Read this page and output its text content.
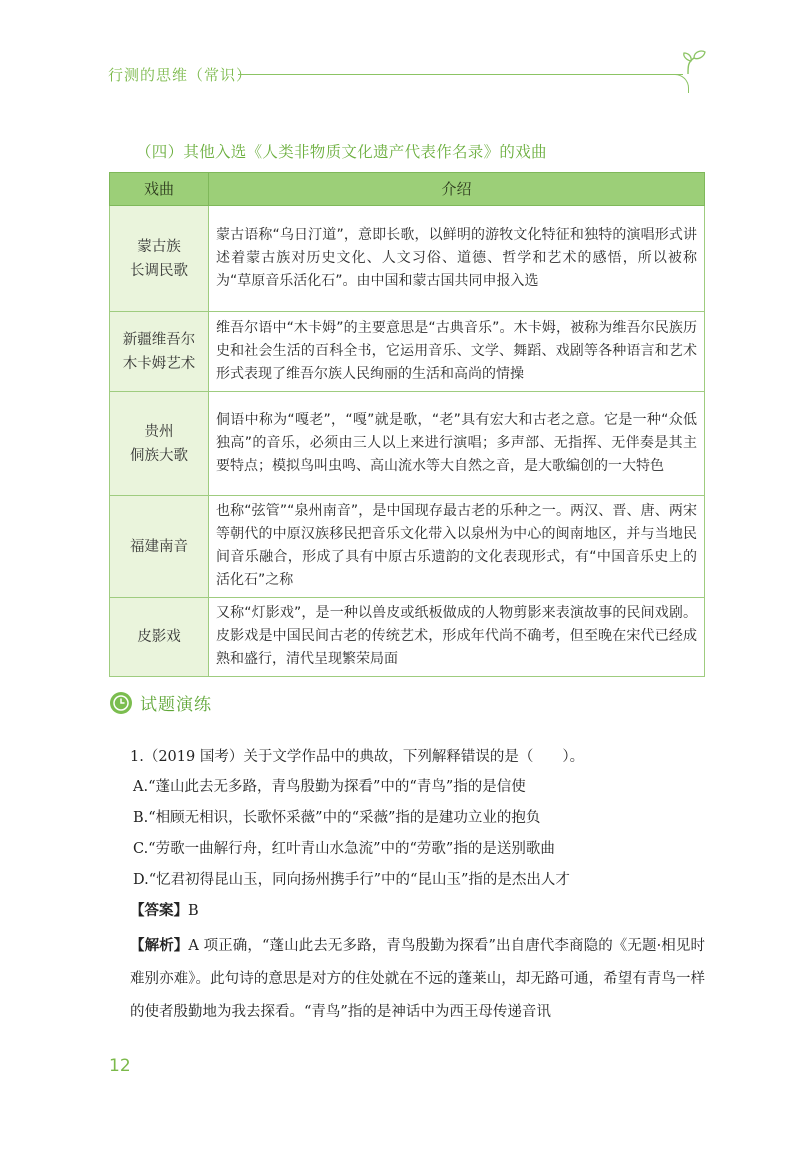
行测的思维（常识）
（四）其他入选《人类非物质文化遗产代表作名录》的戏曲
戏曲	介绍

蒙古族
长调民歌	蒙古语称“乌日汀道”，意即长歌，以鲜明的游牧文化特征和独特的演唱形式讲述着蒙古族对历史文化、人文习俗、道德、哲学和艺术的感悟，所以被称为“草原音乐活化石”。由中国和蒙古国共同申报入选

新疆维吾尔
木卡姆艺术	维吾尔语中“木卡姆”的主要意思是“古典音乐”。木卡姆，被称为维吾尔民族历史和社会生活的百科全书，它运用音乐、文学、舞蹈、戏剧等各种语言和艺术形式表现了维吾尔族人民绚丽的生活和高尚的情操

贵州
侗族大歌	侗语中称为“嘎老”，“嘎”就是歌，“老”具有宏大和古老之意。它是一种“众低独高”的音乐，必须由三人以上来进行演唱；多声部、无指挥、无伴奏是其主要特点；模拟鸟叫虫鸣、高山流水等大自然之音，是大歌编创的一大特色

福建南音	也称“弦管”“泉州南音”，是中国现存最古老的乐种之一。两汉、晋、唐、两宋等朝代的中原汉族移民把音乐文化带入以泉州为中心的闽南地区，并与当地民间音乐融合，形成了具有中原古乐遗韵的文化表现形式，有“中国音乐史上的活化石”之称

皮影戏	又称“灯影戏”，是一种以兽皮或纸板做成的人物剪影来表演故事的民间戏剧。皮影戏是中国民间古老的传统艺术，形成年代尚不确考，但至晚在宋代已经成熟和盛行，清代呈现繁荣局面
试题演练

1.（2019 国考）关于文学作品中的典故，下列解释错误的是（　　）。

A.“蓬山此去无多路，青鸟殷勤为探看”中的“青鸟”指的是信使

B.“相顾无相识，长歌怀采薇”中的“采薇”指的是建功立业的抱负

C.“劳歌一曲解行舟，红叶青山水急流”中的“劳歌”指的是送别歌曲

D.“忆君初得昆山玉，同向扬州携手行”中的“昆山玉”指的是杰出人才

【答案】B

【解析】A 项正确，“蓬山此去无多路，青鸟殷勤为探看”出自唐代李商隐的《无题·相见时难别亦难》。此句诗的意思是对方的住处就在不远的蓬莱山，却无路可通，希望有青鸟一样的使者殷勤地为我去探看。“青鸟”指的是神话中为西王母传递音讯

12
